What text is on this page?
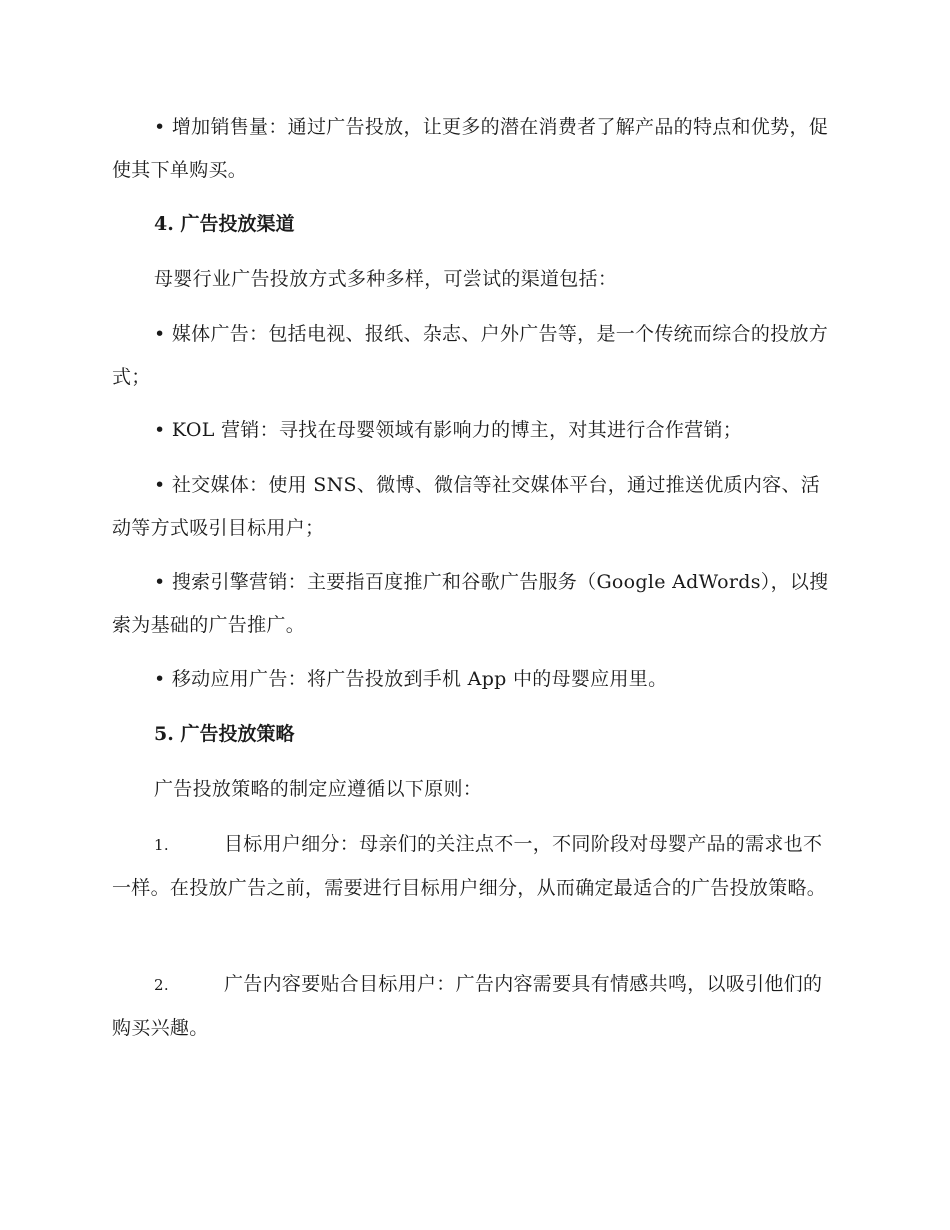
• 增加销售量：通过广告投放，让更多的潜在消费者了解产品的特点和优势，促使其下单购买。

4. 广告投放渠道

母婴行业广告投放方式多种多样，可尝试的渠道包括：

• 媒体广告：包括电视、报纸、杂志、户外广告等，是一个传统而综合的投放方式；

• KOL 营销：寻找在母婴领域有影响力的博主，对其进行合作营销；

• 社交媒体：使用 SNS、微博、微信等社交媒体平台，通过推送优质内容、活动等方式吸引目标用户；

• 搜索引擎营销：主要指百度推广和谷歌广告服务（Google AdWords），以搜索为基础的广告推广。

• 移动应用广告：将广告投放到手机 App 中的母婴应用里。

5. 广告投放策略

广告投放策略的制定应遵循以下原则：

1.	目标用户细分：母亲们的关注点不一，不同阶段对母婴产品的需求也不一样。在投放广告之前，需要进行目标用户细分，从而确定最适合的广告投放策略。

2.	广告内容要贴合目标用户：广告内容需要具有情感共鸣，以吸引他们的购买兴趣。
